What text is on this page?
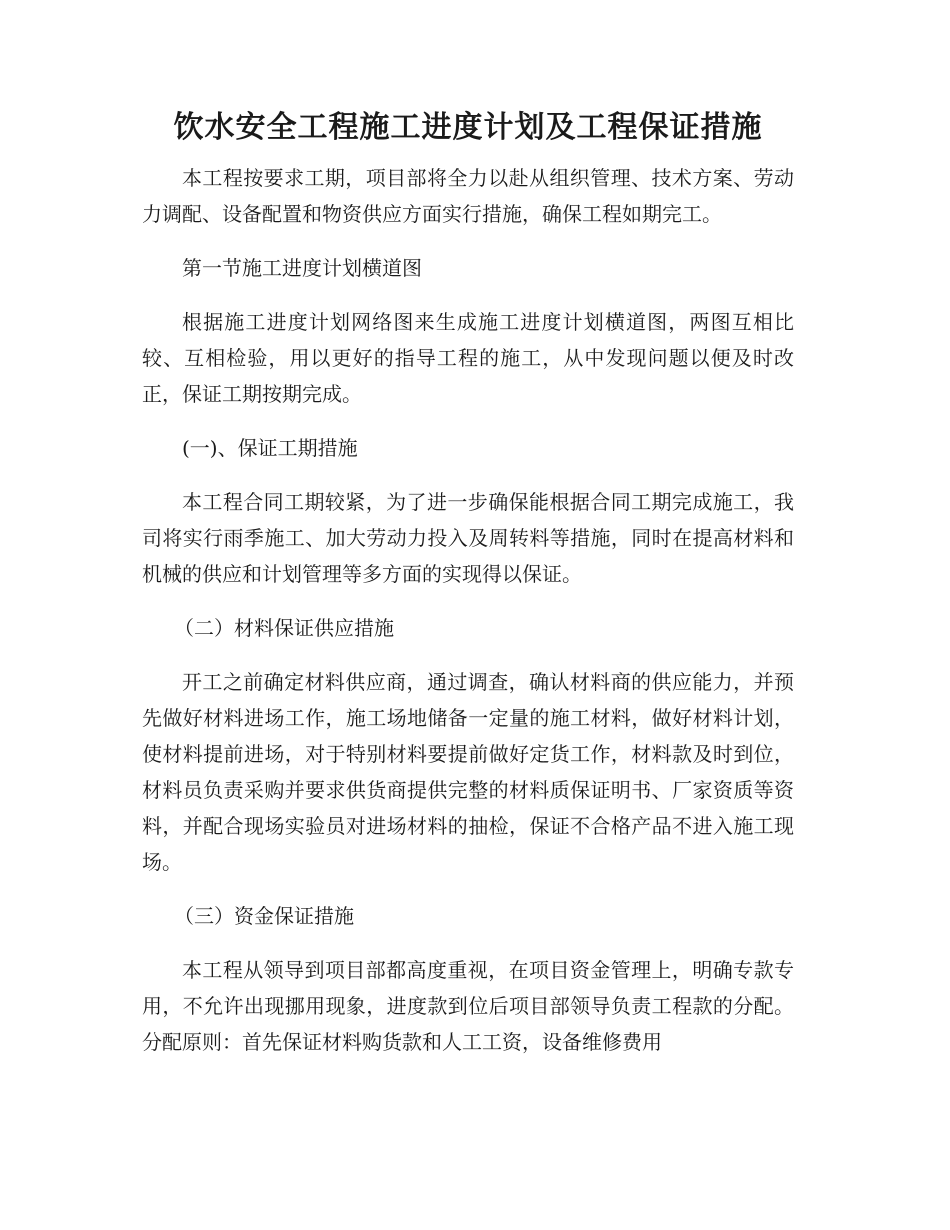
饮水安全工程施工进度计划及工程保证措施

本工程按要求工期，项目部将全力以赴从组织管理、技术方案、劳动力调配、设备配置和物资供应方面实行措施，确保工程如期完工。

第一节施工进度计划横道图

根据施工进度计划网络图来生成施工进度计划横道图，两图互相比较、互相检验，用以更好的指导工程的施工，从中发现问题以便及时改正，保证工期按期完成。

(一)、保证工期措施

本工程合同工期较紧，为了进一步确保能根据合同工期完成施工，我司将实行雨季施工、加大劳动力投入及周转料等措施，同时在提高材料和机械的供应和计划管理等多方面的实现得以保证。

（二）材料保证供应措施

开工之前确定材料供应商，通过调查，确认材料商的供应能力，并预先做好材料进场工作，施工场地储备一定量的施工材料，做好材料计划，使材料提前进场，对于特别材料要提前做好定货工作，材料款及时到位，材料员负责采购并要求供货商提供完整的材料质保证明书、厂家资质等资料，并配合现场实验员对进场材料的抽检，保证不合格产品不进入施工现场。

（三）资金保证措施

本工程从领导到项目部都高度重视，在项目资金管理上，明确专款专用，不允许出现挪用现象，进度款到位后项目部领导负责工程款的分配。分配原则：首先保证材料购货款和人工工资，设备维修费用
